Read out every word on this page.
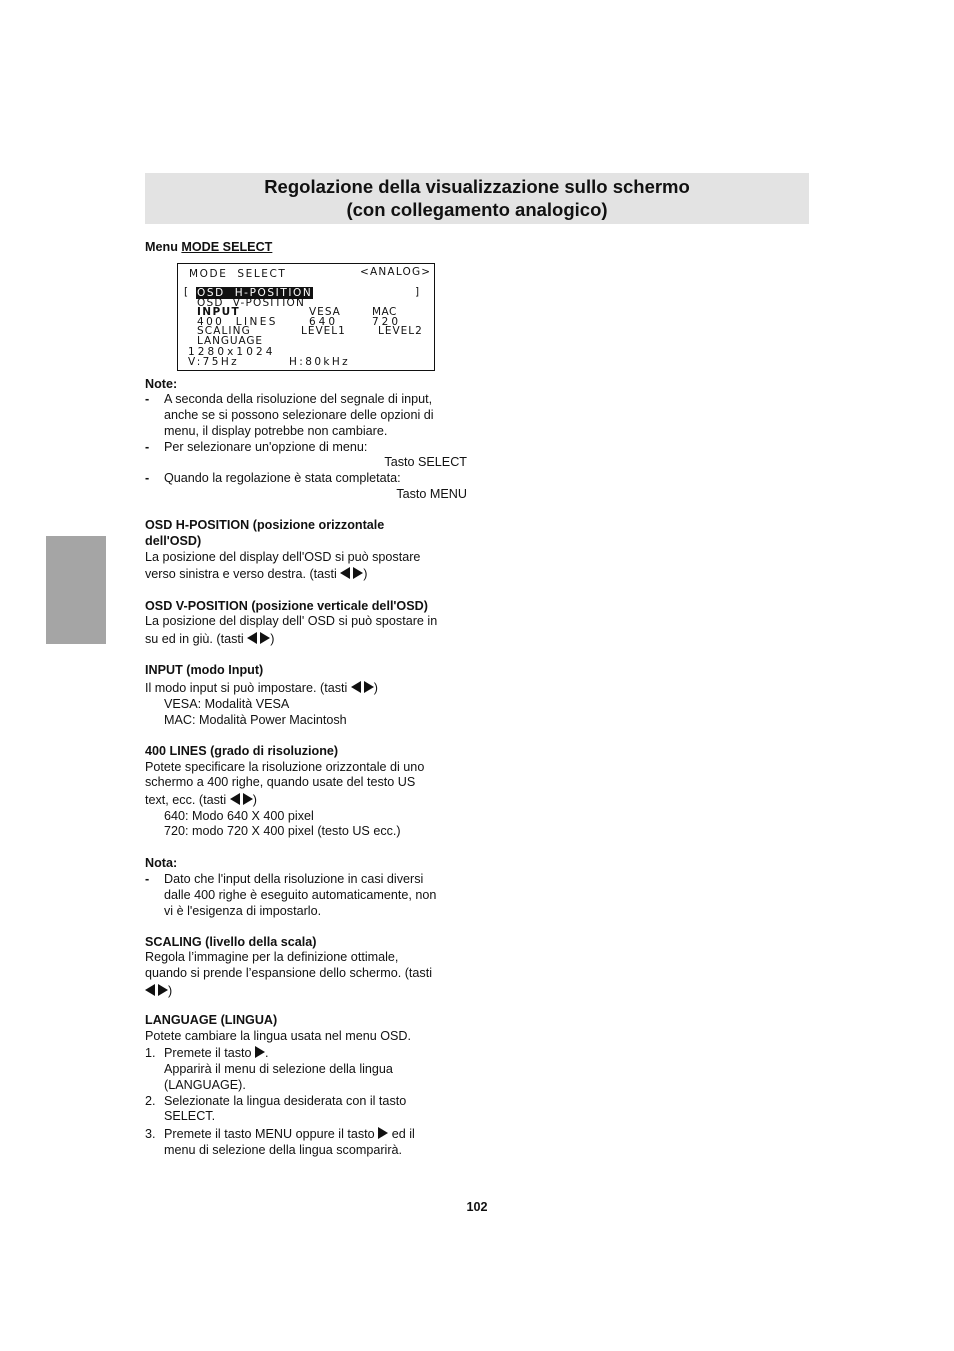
Regolazione della visualizzazione sullo schermo
(con collegamento analogico)
Menu MODE SELECT
Note:
- A seconda della risoluzione del segnale di input,
anche se si possono selezionare delle opzioni di
menu, il display potrebbe non cambiare.
- Per selezionare un'opzione di menu:
Tasto SELECT
- Quando la regolazione è stata completata:
Tasto MENU
OSD H-POSITION (posizione orizzontale
dell'OSD)
La posizione del display dell'OSD si può spostare
verso sinistra e verso destra. (tasti )
OSD V-POSITION (posizione verticale dell'OSD)
La posizione del display dell' OSD si può spostare in
su ed in giù. (tasti )
INPUT (modo Input)
Il modo input si può impostare. (tasti )
VESA: Modalità VESA
MAC: Modalità Power Macintosh
400 LINES (grado di risoluzione)
Potete specificare la risoluzione orizzontale di uno
schermo a 400 righe, quando usate del testo US
text, ecc. (tasti )
640: Modo 640 X 400 pixel
720: modo 720 X 400 pixel (testo US ecc.)
Nota:
- Dato che l'input della risoluzione in casi diversi
dalle 400 righe è eseguito automaticamente, non
vi è l'esigenza di impostarlo.
SCALING (livello della scala)
Regola l’immagine per la definizione ottimale,
quando si prende l’espansione dello schermo. (tasti
)
LANGUAGE (LINGUA)
Potete cambiare la lingua usata nel menu OSD.
1. Premete il tasto .
Apparirà il menu di selezione della lingua
(LANGUAGE).
2. Selezionate la lingua desiderata con il tasto
SELECT.
3. Premete il tasto MENU oppure il tasto ed il
menu di selezione della lingua scomparirà.
MODE  SELECT	<ANALOG>
[ OSD  H-POSITION	]
OSD  V-POSITION
INPUT	VESA	MAC
400  LINES	640	720
SCALING	LEVEL1	LEVEL2
LANGUAGE
1280x1024
V:75Hz	H:80kHz
102
